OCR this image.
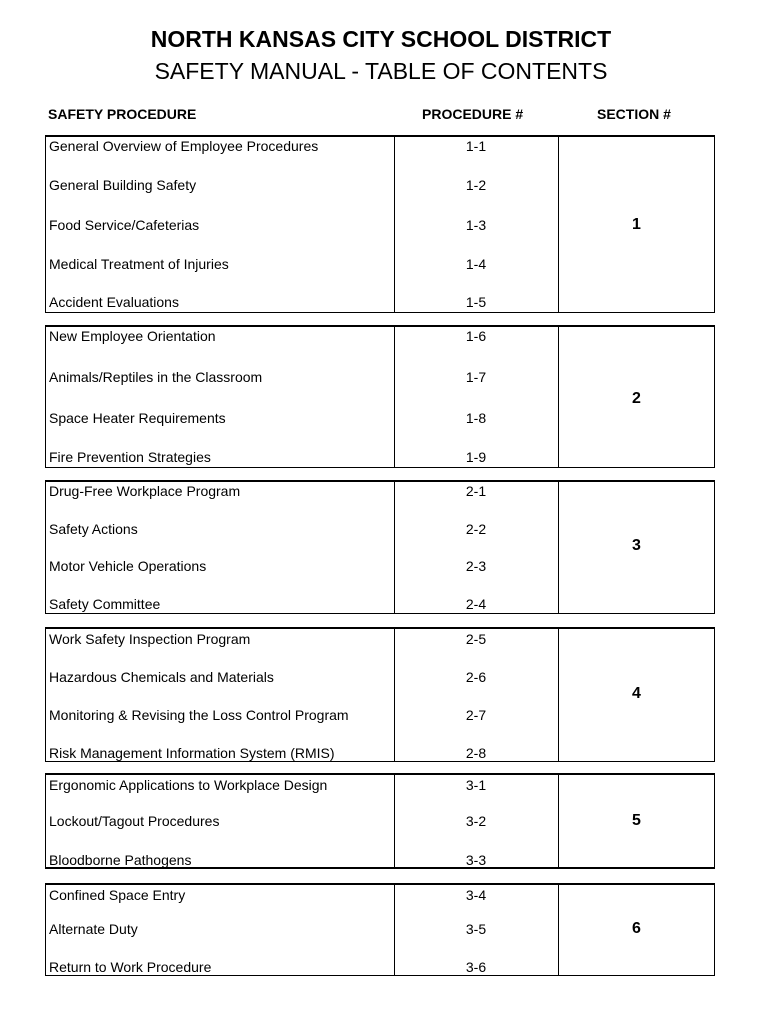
NORTH KANSAS CITY SCHOOL DISTRICT
SAFETY MANUAL - TABLE OF CONTENTS
SAFETY PROCEDURE	PROCEDURE #	SECTION #
General Overview of Employee Procedures	1-1
General Building Safety	1-2
Food Service/Cafeterias	1-3
Medical Treatment of Injuries	1-4
Accident Evaluations	1-5
1
New Employee Orientation	1-6
Animals/Reptiles in the Classroom	1-7
Space Heater Requirements	1-8
Fire Prevention Strategies	1-9
2
Drug-Free Workplace Program	2-1
Safety Actions	2-2
Motor Vehicle Operations	2-3
Safety Committee	2-4
3
Work Safety Inspection Program	2-5
Hazardous Chemicals and Materials	2-6
Monitoring & Revising the Loss Control Program	2-7
Risk Management Information System (RMIS)	2-8
4
Ergonomic Applications to Workplace Design	3-1
Lockout/Tagout Procedures	3-2
Bloodborne Pathogens	3-3
5
Confined Space Entry	3-4
Alternate Duty	3-5
Return to Work Procedure	3-6
6
